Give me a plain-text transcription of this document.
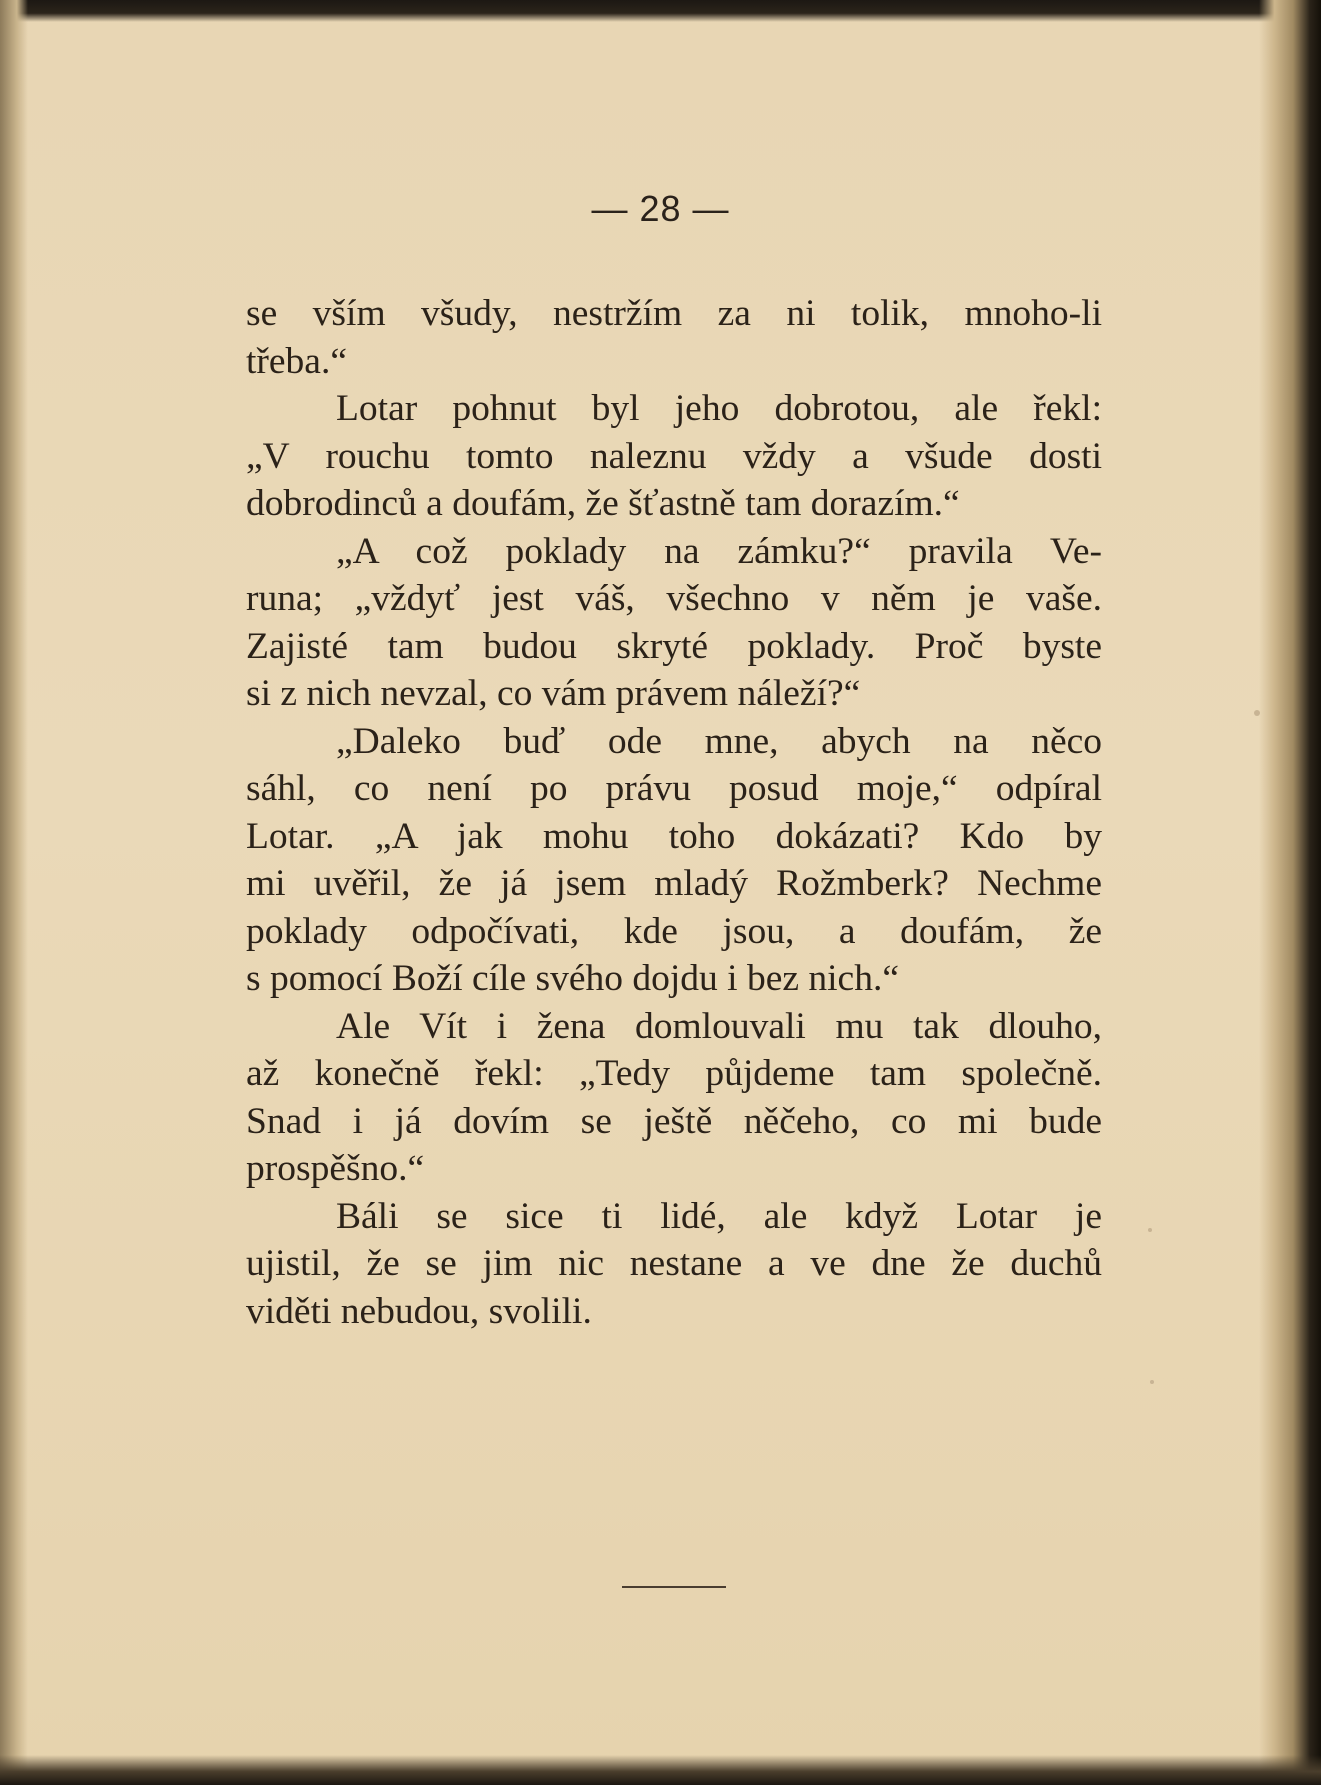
— 28 —
se vším všudy, nestržím za ni tolik, mnoho-li
třeba.“
Lotar pohnut byl jeho dobrotou, ale řekl:
„V rouchu tomto naleznu vždy a všude dosti
dobrodinců a doufám, že šťastně tam dorazím.“
„A což poklady na zámku?“ pravila Ve-
runa; „vždyť jest váš, všechno v něm je vaše.
Zajisté tam budou skryté poklady. Proč byste
si z nich nevzal, co vám právem náleží?“
„Daleko buď ode mne, abych na něco
sáhl, co není po právu posud moje,“ odpíral
Lotar. „A jak mohu toho dokázati? Kdo by
mi uvěřil, že já jsem mladý Rožmberk? Nechme
poklady odpočívati, kde jsou, a doufám, že
s pomocí Boží cíle svého dojdu i bez nich.“
Ale Vít i žena domlouvali mu tak dlouho,
až konečně řekl: „Tedy půjdeme tam společně.
Snad i já dovím se ještě něčeho, co mi bude
prospěšno.“
Báli se sice ti lidé, ale když Lotar je
ujistil, že se jim nic nestane a ve dne že duchů
viděti nebudou, svolili.
